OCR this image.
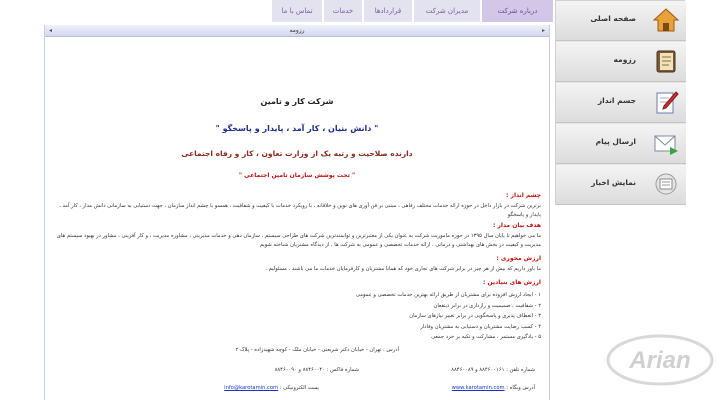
درباره شرکت
مدیران شرکت
قراردادها
خدمات
تماس با ما
◂	رزومه	▸
شرکت کار و تامین
" دانش بنیان ، کار آمد ، پایدار و پاسخگو "
دارنده صلاحیت و رتبه یک از وزارت تعاون ، کار و رفاه اجتماعی
" تحت پوشش سازمان تامین اجتماعی "
چشم انداز :
برترین شرکت در بازار داخل در حوزه ارائه خدمات مختلف رفاهی ، مبتنی بر فن آوری های نوین و خلاقانه ، با رویکرد خدمات با کیفیت و شفافیت ، همسو با چشم انداز سازمان ، جهت دستیابی به سازمانی دانش مدار ، کار آمد ، پایدار و پاسخگو
هدف بیان مدار :
ما می خواهیم تا پایان سال ۱۳۹۵ در حوزه ماموریت شرکت به عنوان یکی از معتبرترین و توانمندترین شرکت های طراحی سیستم ، سازمان دهی و خدمات مدیریتی ، مشاوره مدیریت ، و کار آفرینی ، مشاور در بهبود سیستم های مدیریت و کیفیت در بخش های بهداشتی و درمانی ، ارائه خدمات تخصصی و عمومی به شرکت ها ، از دیدگاه مشتریان شناخته شویم
ارزش محوری :
ما باور داریم که بیش از هر چیز در برابر شرکت های تجاری خود که همانا مشتریان و کارفرمایان خدمات ما می باشند ، مسئولیم .
ارزش های بنیادین :
۱ - ایجاد ارزش افزوده برای مشتریان از طریق ارائه بهترین خدمات تخصصی و عمومی
۲ - شفافیت ، صمیمیت و رازداری در برابر ذینفعان
۳ - انعطاف پذیری و پاسخگویی در برابر تغییر نیازهای سازمان
۴ - کسب رضایت مشتریان و دستیابی به مشتریان وفادار
۵ - یادگیری مستمر ، مشارکت و تکیه بر خرد جمعی
آدرس : تهران - خیابان دکتر شریعتی - خیابان ملک - کوچه شهیدزاده - پلاک ۲
شماره تلفن : ۸۸۴۶۰۰۱۶۱ و ۸۸۴۶۰۰۸۹
شماره فاکس : ۸۸۴۶۰۰۴۰ و ۸۸۴۶۰۰۹۰
آدرس وبگاه : www.karotamin.com
پست الکترونیکی : info@karotamin.com
صفحه اصلی
رزومه
جسم انداز
ارسال پیام
نمایش اخبار
Arian
